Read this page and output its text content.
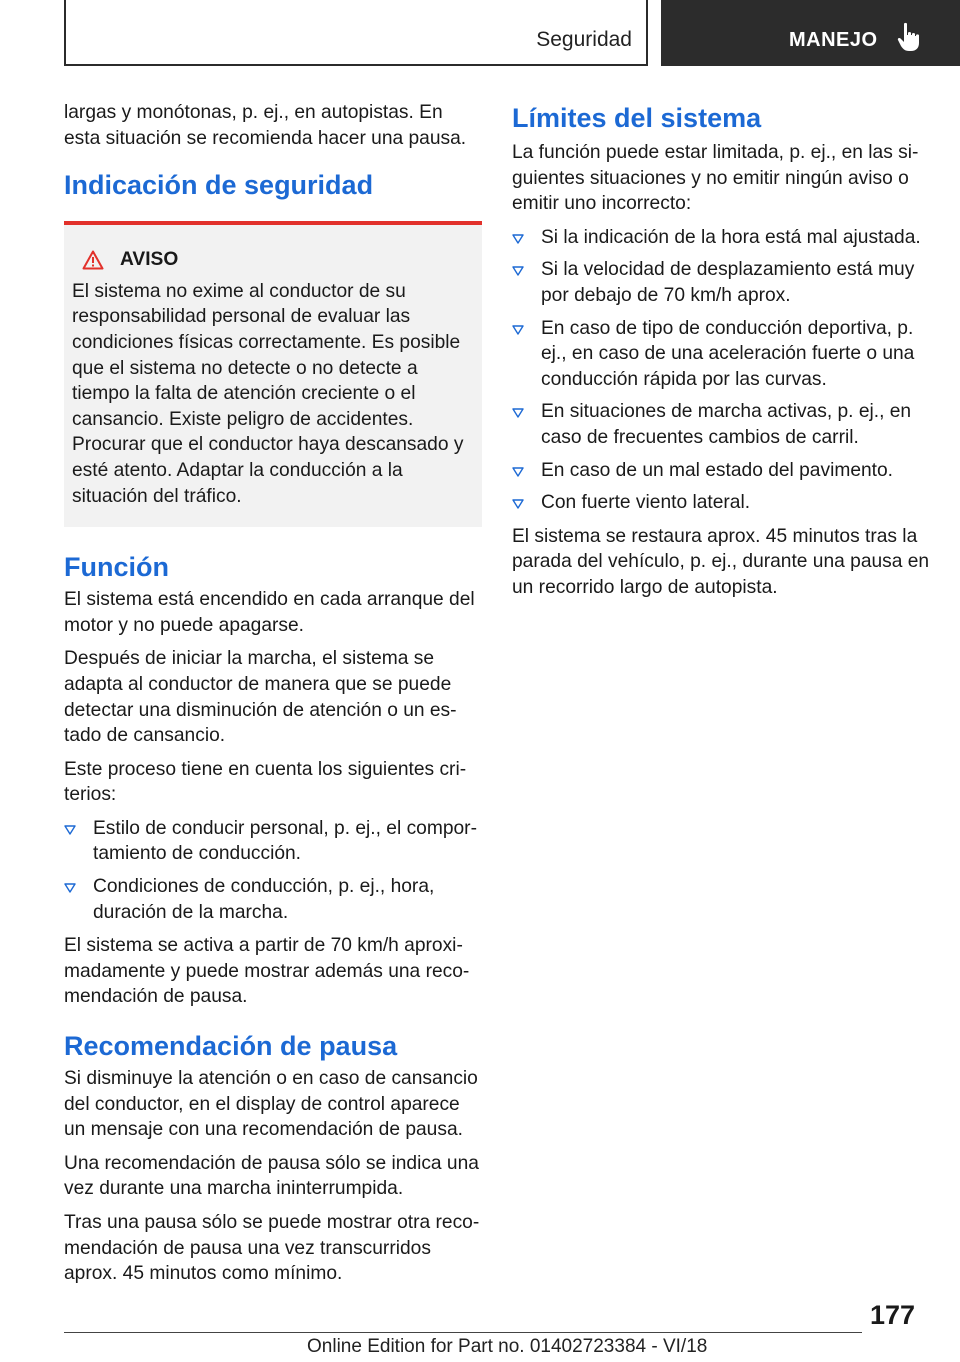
Seguridad	MANEJO

largas y monótonas, p. ej., en autopistas. En esta situación se recomienda hacer una pausa.

Indicación de seguridad
AVISO

El sistema no exime al conductor de su responsabilidad personal de evaluar las condiciones físicas correctamente. Es posible que el sistema no detecte o no detecte a tiempo la falta de atención creciente o el cansancio. Existe peligro de accidentes. Procurar que el conductor haya descansado y esté atento. Adaptar la conducción a la situación del tráfico.

Función

El sistema está encendido en cada arranque del motor y no puede apagarse.

Después de iniciar la marcha, el sistema se adapta al conductor de manera que se puede detectar una disminución de atención o un estado de cansancio.

Este proceso tiene en cuenta los siguientes criterios:

Estilo de conducir personal, p. ej., el comportamiento de conducción.
Condiciones de conducción, p. ej., hora, duración de la marcha.

El sistema se activa a partir de 70 km/h aproximadamente y puede mostrar además una recomendación de pausa.

Recomendación de pausa

Si disminuye la atención o en caso de cansancio del conductor, en el display de control aparece un mensaje con una recomendación de pausa.

Una recomendación de pausa sólo se indica una vez durante una marcha ininterrumpida.

Tras una pausa sólo se puede mostrar otra recomendación de pausa una vez transcurridos aprox. 45 minutos como mínimo.

Límites del sistema

La función puede estar limitada, p. ej., en las siguientes situaciones y no emitir ningún aviso o emitir uno incorrecto:

Si la indicación de la hora está mal ajustada.
Si la velocidad de desplazamiento está muy por debajo de 70 km/h aprox.
En caso de tipo de conducción deportiva, p. ej., en caso de una aceleración fuerte o una conducción rápida por las curvas.
En situaciones de marcha activas, p. ej., en caso de frecuentes cambios de carril.
En caso de un mal estado del pavimento.
Con fuerte viento lateral.

El sistema se restaura aprox. 45 minutos tras la parada del vehículo, p. ej., durante una pausa en un recorrido largo de autopista.

177
Online Edition for Part no. 01402723384 - VI/18
